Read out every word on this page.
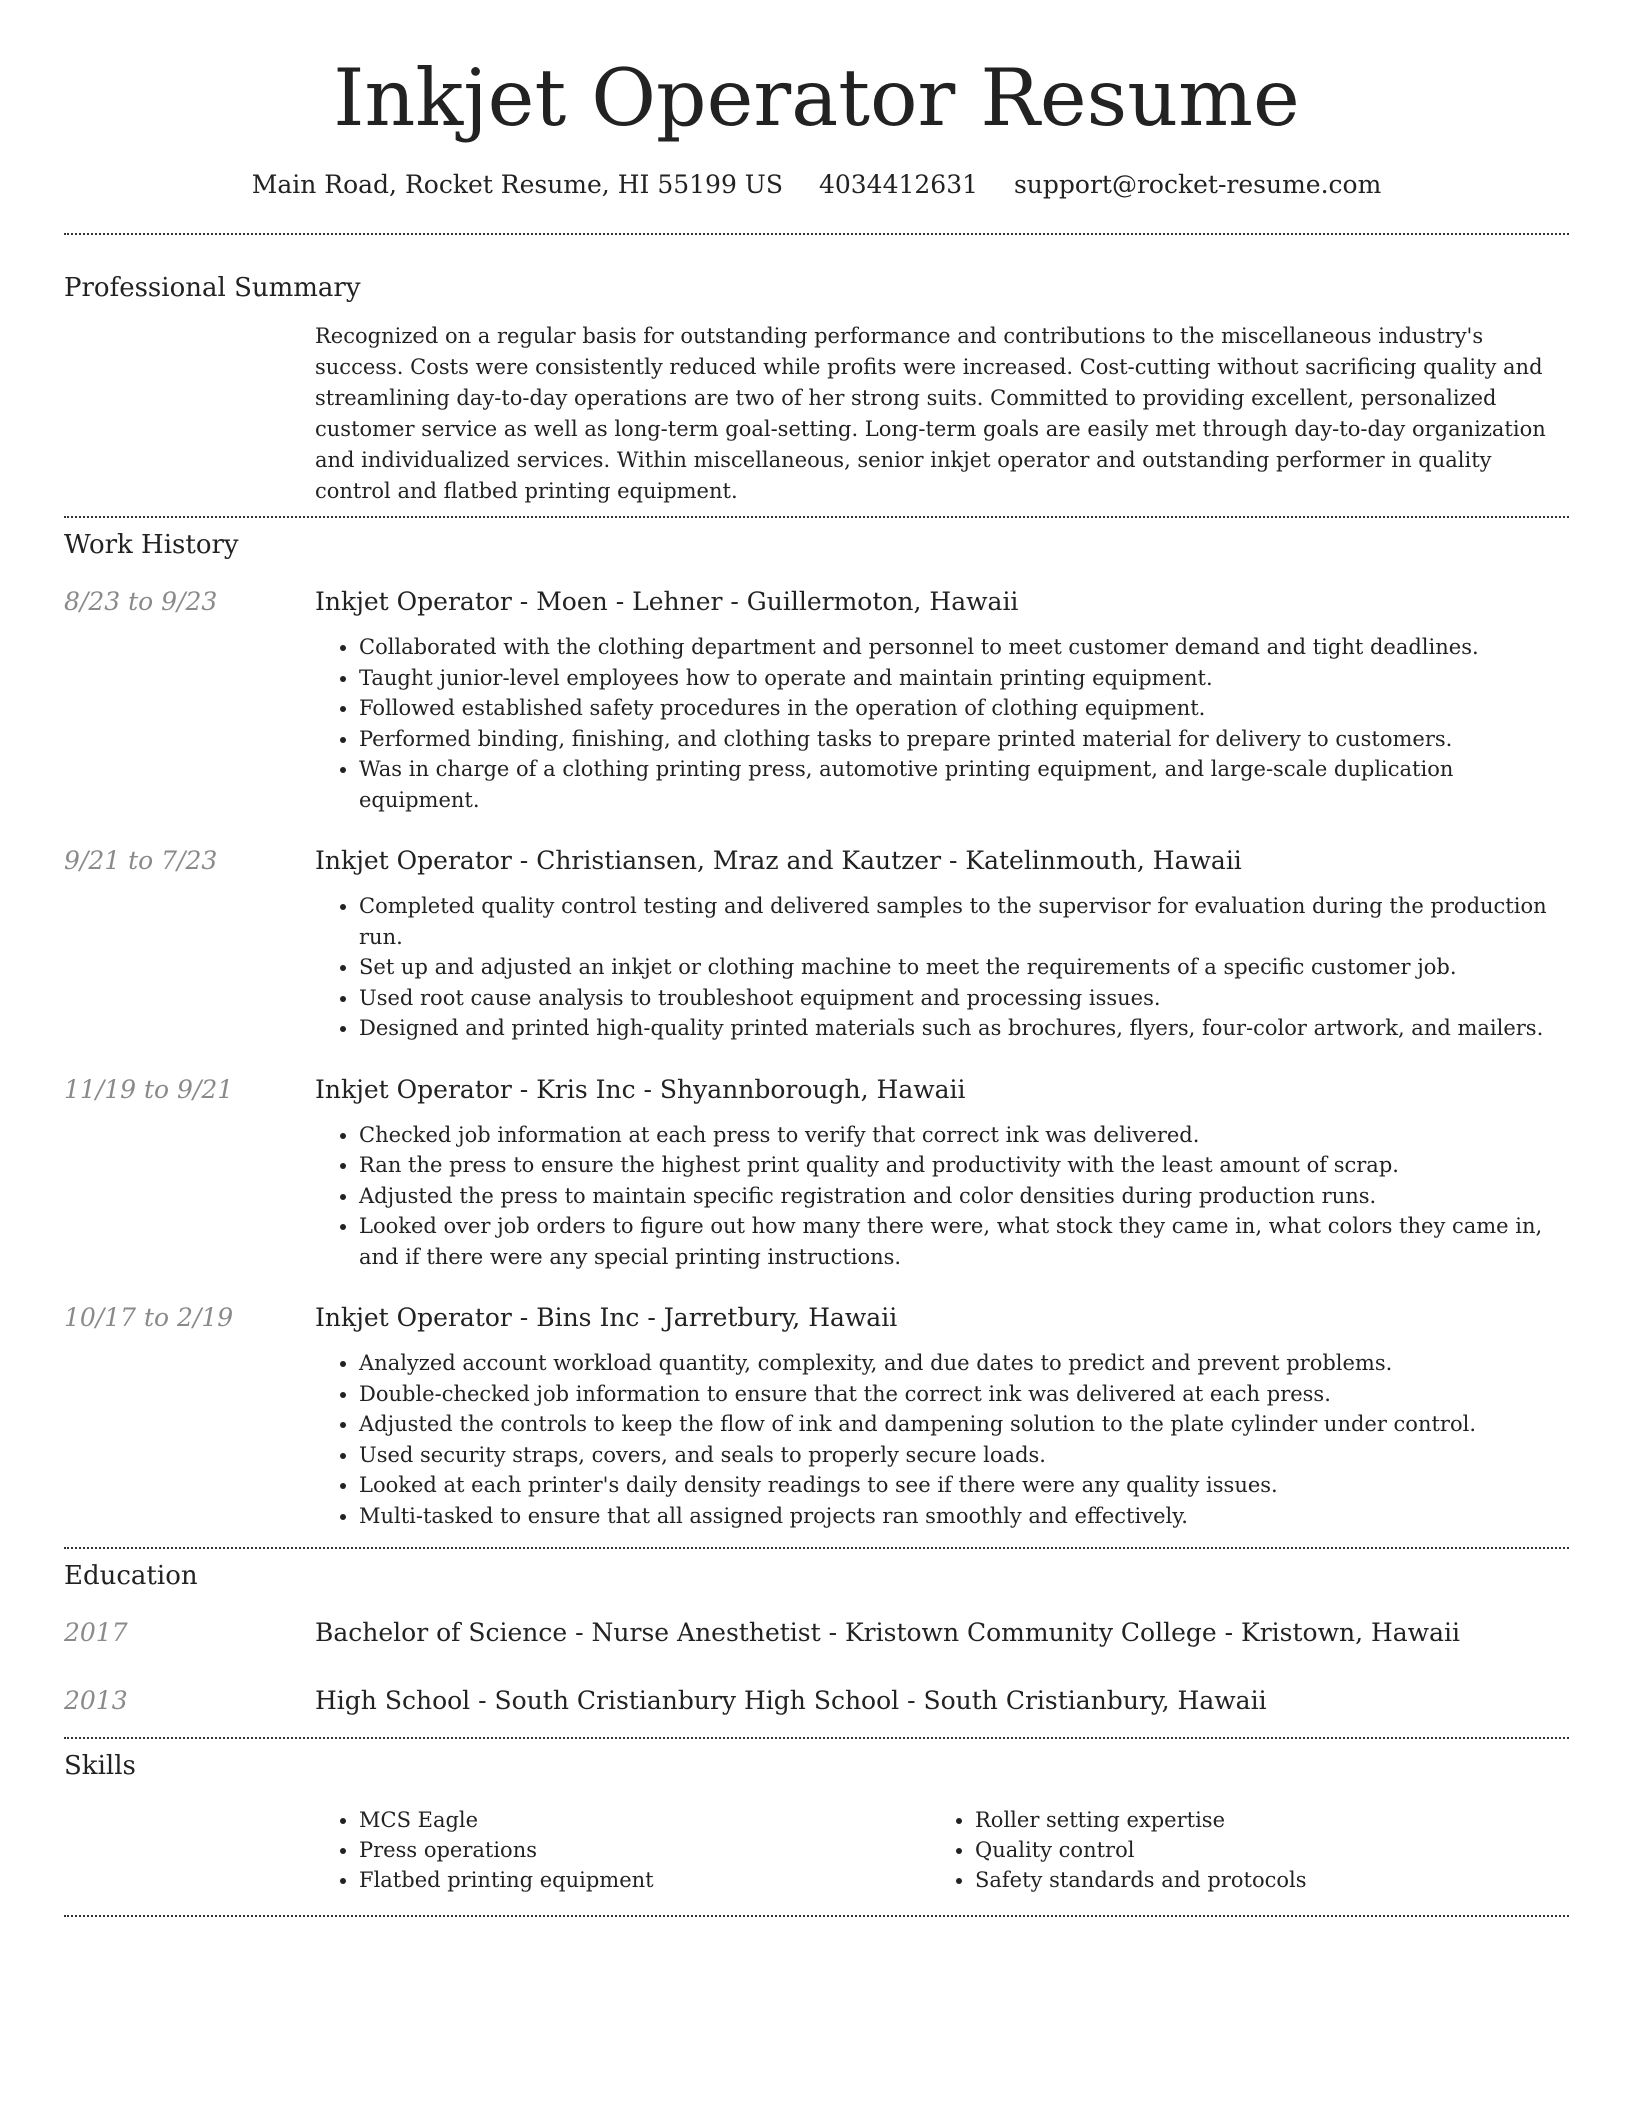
Inkjet Operator Resume
Main Road, Rocket Resume, HI 55199 US 4034412631 support@rocket-resume.com
Professional Summary
Recognized on a regular basis for outstanding performance and contributions to the miscellaneous industry's success. Costs were consistently reduced while profits were increased. Cost-cutting without sacrificing quality and streamlining day-to-day operations are two of her strong suits. Committed to providing excellent, personalized customer service as well as long-term goal-setting. Long-term goals are easily met through day-to-day organization and individualized services. Within miscellaneous, senior inkjet operator and outstanding performer in quality control and flatbed printing equipment.
Work History
8/23 to 9/23	Inkjet Operator - Moen - Lehner - Guillermoton, Hawaii
• Collaborated with the clothing department and personnel to meet customer demand and tight deadlines.
• Taught junior-level employees how to operate and maintain printing equipment.
• Followed established safety procedures in the operation of clothing equipment.
• Performed binding, finishing, and clothing tasks to prepare printed material for delivery to customers.
• Was in charge of a clothing printing press, automotive printing equipment, and large-scale duplication equipment.
9/21 to 7/23	Inkjet Operator - Christiansen, Mraz and Kautzer - Katelinmouth, Hawaii
• Completed quality control testing and delivered samples to the supervisor for evaluation during the production run.
• Set up and adjusted an inkjet or clothing machine to meet the requirements of a specific customer job.
• Used root cause analysis to troubleshoot equipment and processing issues.
• Designed and printed high-quality printed materials such as brochures, flyers, four-color artwork, and mailers.
11/19 to 9/21	Inkjet Operator - Kris Inc - Shyannborough, Hawaii
• Checked job information at each press to verify that correct ink was delivered.
• Ran the press to ensure the highest print quality and productivity with the least amount of scrap.
• Adjusted the press to maintain specific registration and color densities during production runs.
• Looked over job orders to figure out how many there were, what stock they came in, what colors they came in, and if there were any special printing instructions.
10/17 to 2/19	Inkjet Operator - Bins Inc - Jarretbury, Hawaii
• Analyzed account workload quantity, complexity, and due dates to predict and prevent problems.
• Double-checked job information to ensure that the correct ink was delivered at each press.
• Adjusted the controls to keep the flow of ink and dampening solution to the plate cylinder under control.
• Used security straps, covers, and seals to properly secure loads.
• Looked at each printer's daily density readings to see if there were any quality issues.
• Multi-tasked to ensure that all assigned projects ran smoothly and effectively.
Education
2017	Bachelor of Science - Nurse Anesthetist - Kristown Community College - Kristown, Hawaii
2013	High School - South Cristianbury High School - South Cristianbury, Hawaii
Skills
• MCS Eagle
• Press operations
• Flatbed printing equipment
• Roller setting expertise
• Quality control
• Safety standards and protocols
